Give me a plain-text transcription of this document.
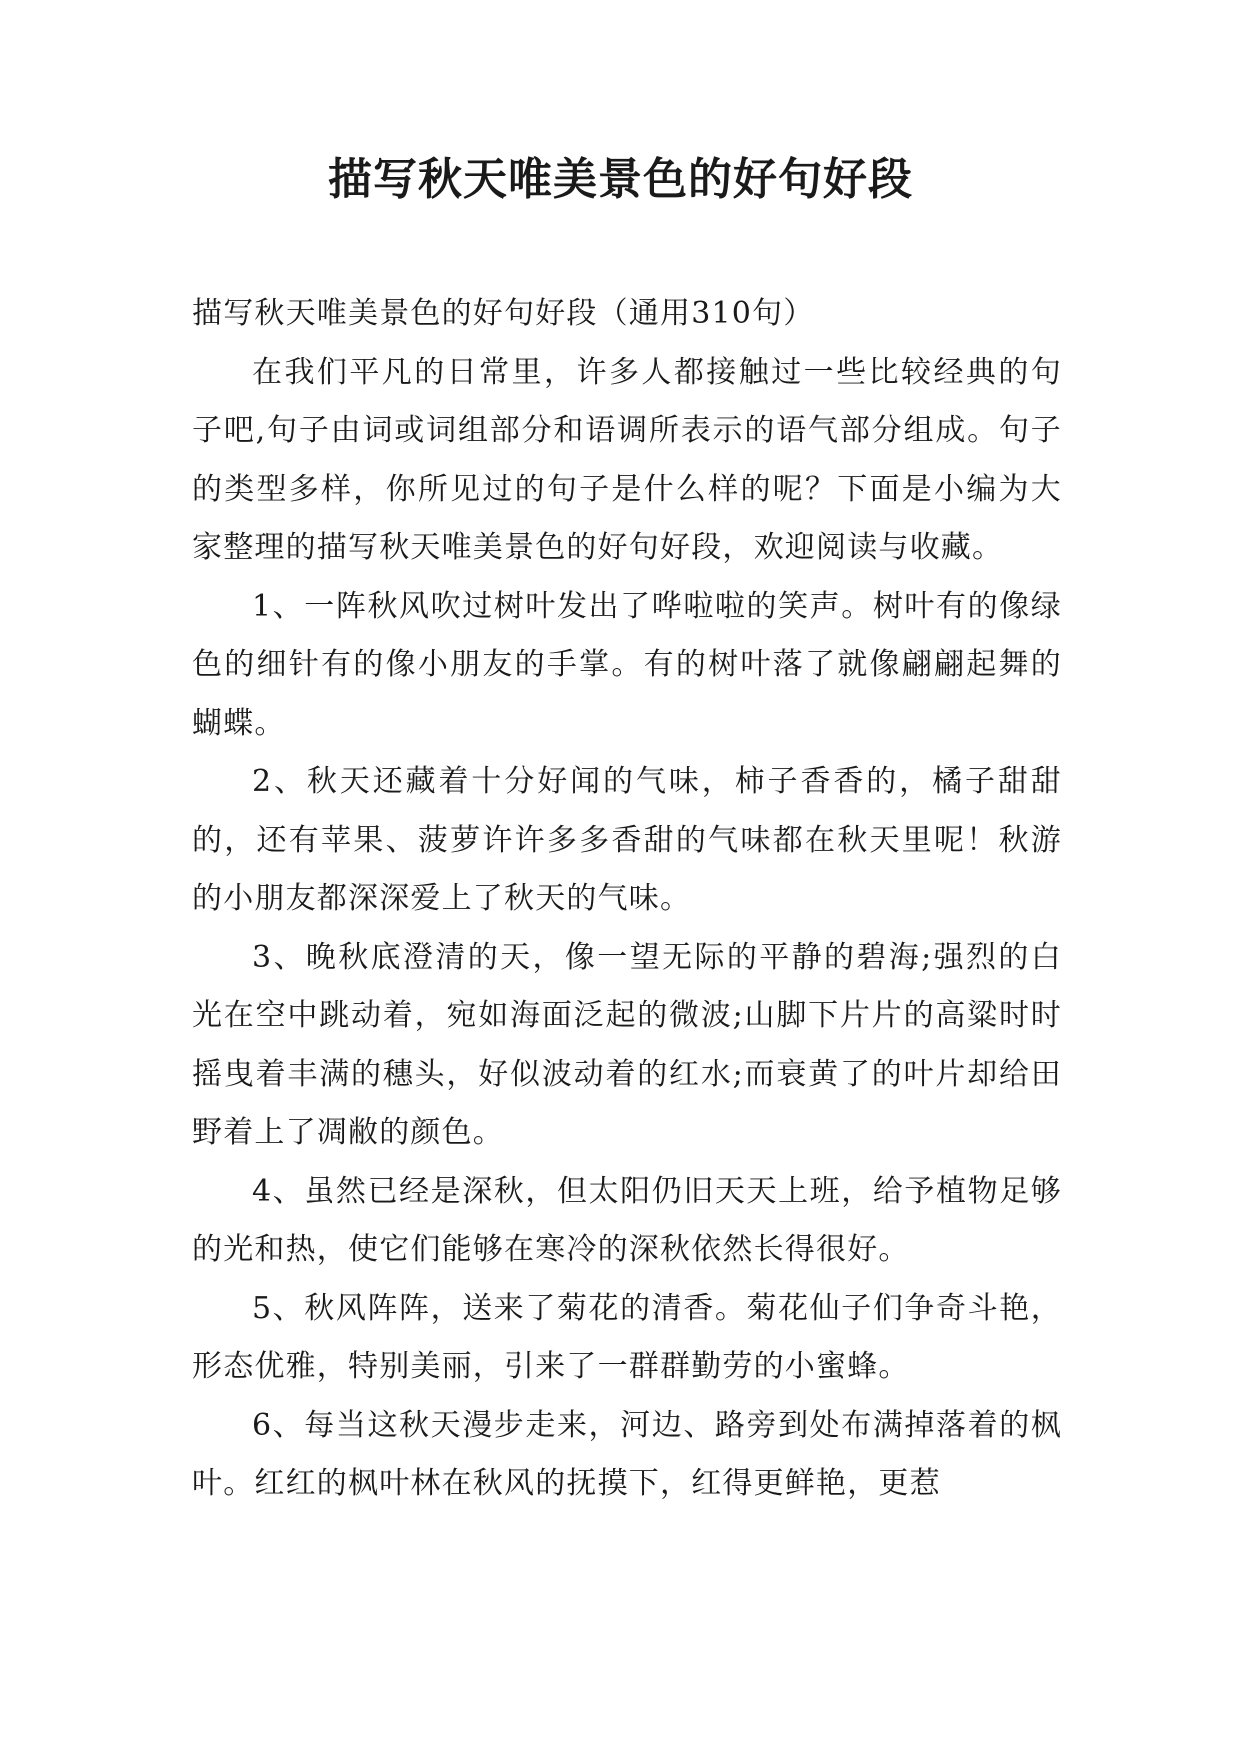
描写秋天唯美景色的好句好段

描写秋天唯美景色的好句好段（通用310句）

在我们平凡的日常里，许多人都接触过一些比较经典的句子吧,句子由词或词组部分和语调所表示的语气部分组成。句子的类型多样，你所见过的句子是什么样的呢？下面是小编为大家整理的描写秋天唯美景色的好句好段，欢迎阅读与收藏。

1、一阵秋风吹过树叶发出了哗啦啦的笑声。树叶有的像绿色的细针有的像小朋友的手掌。有的树叶落了就像翩翩起舞的蝴蝶。

2、秋天还藏着十分好闻的气味，柿子香香的，橘子甜甜的，还有苹果、菠萝许许多多香甜的气味都在秋天里呢！秋游的小朋友都深深爱上了秋天的气味。

3、晚秋底澄清的天，像一望无际的平静的碧海;强烈的白光在空中跳动着，宛如海面泛起的微波;山脚下片片的高粱时时摇曳着丰满的穗头，好似波动着的红水;而衰黄了的叶片却给田野着上了凋敝的颜色。

4、虽然已经是深秋，但太阳仍旧天天上班，给予植物足够的光和热，使它们能够在寒冷的深秋依然长得很好。

5、秋风阵阵，送来了菊花的清香。菊花仙子们争奇斗艳，形态优雅，特别美丽，引来了一群群勤劳的小蜜蜂。

6、每当这秋天漫步走来，河边、路旁到处布满掉落着的枫叶。红红的枫叶林在秋风的抚摸下，红得更鲜艳，更惹
